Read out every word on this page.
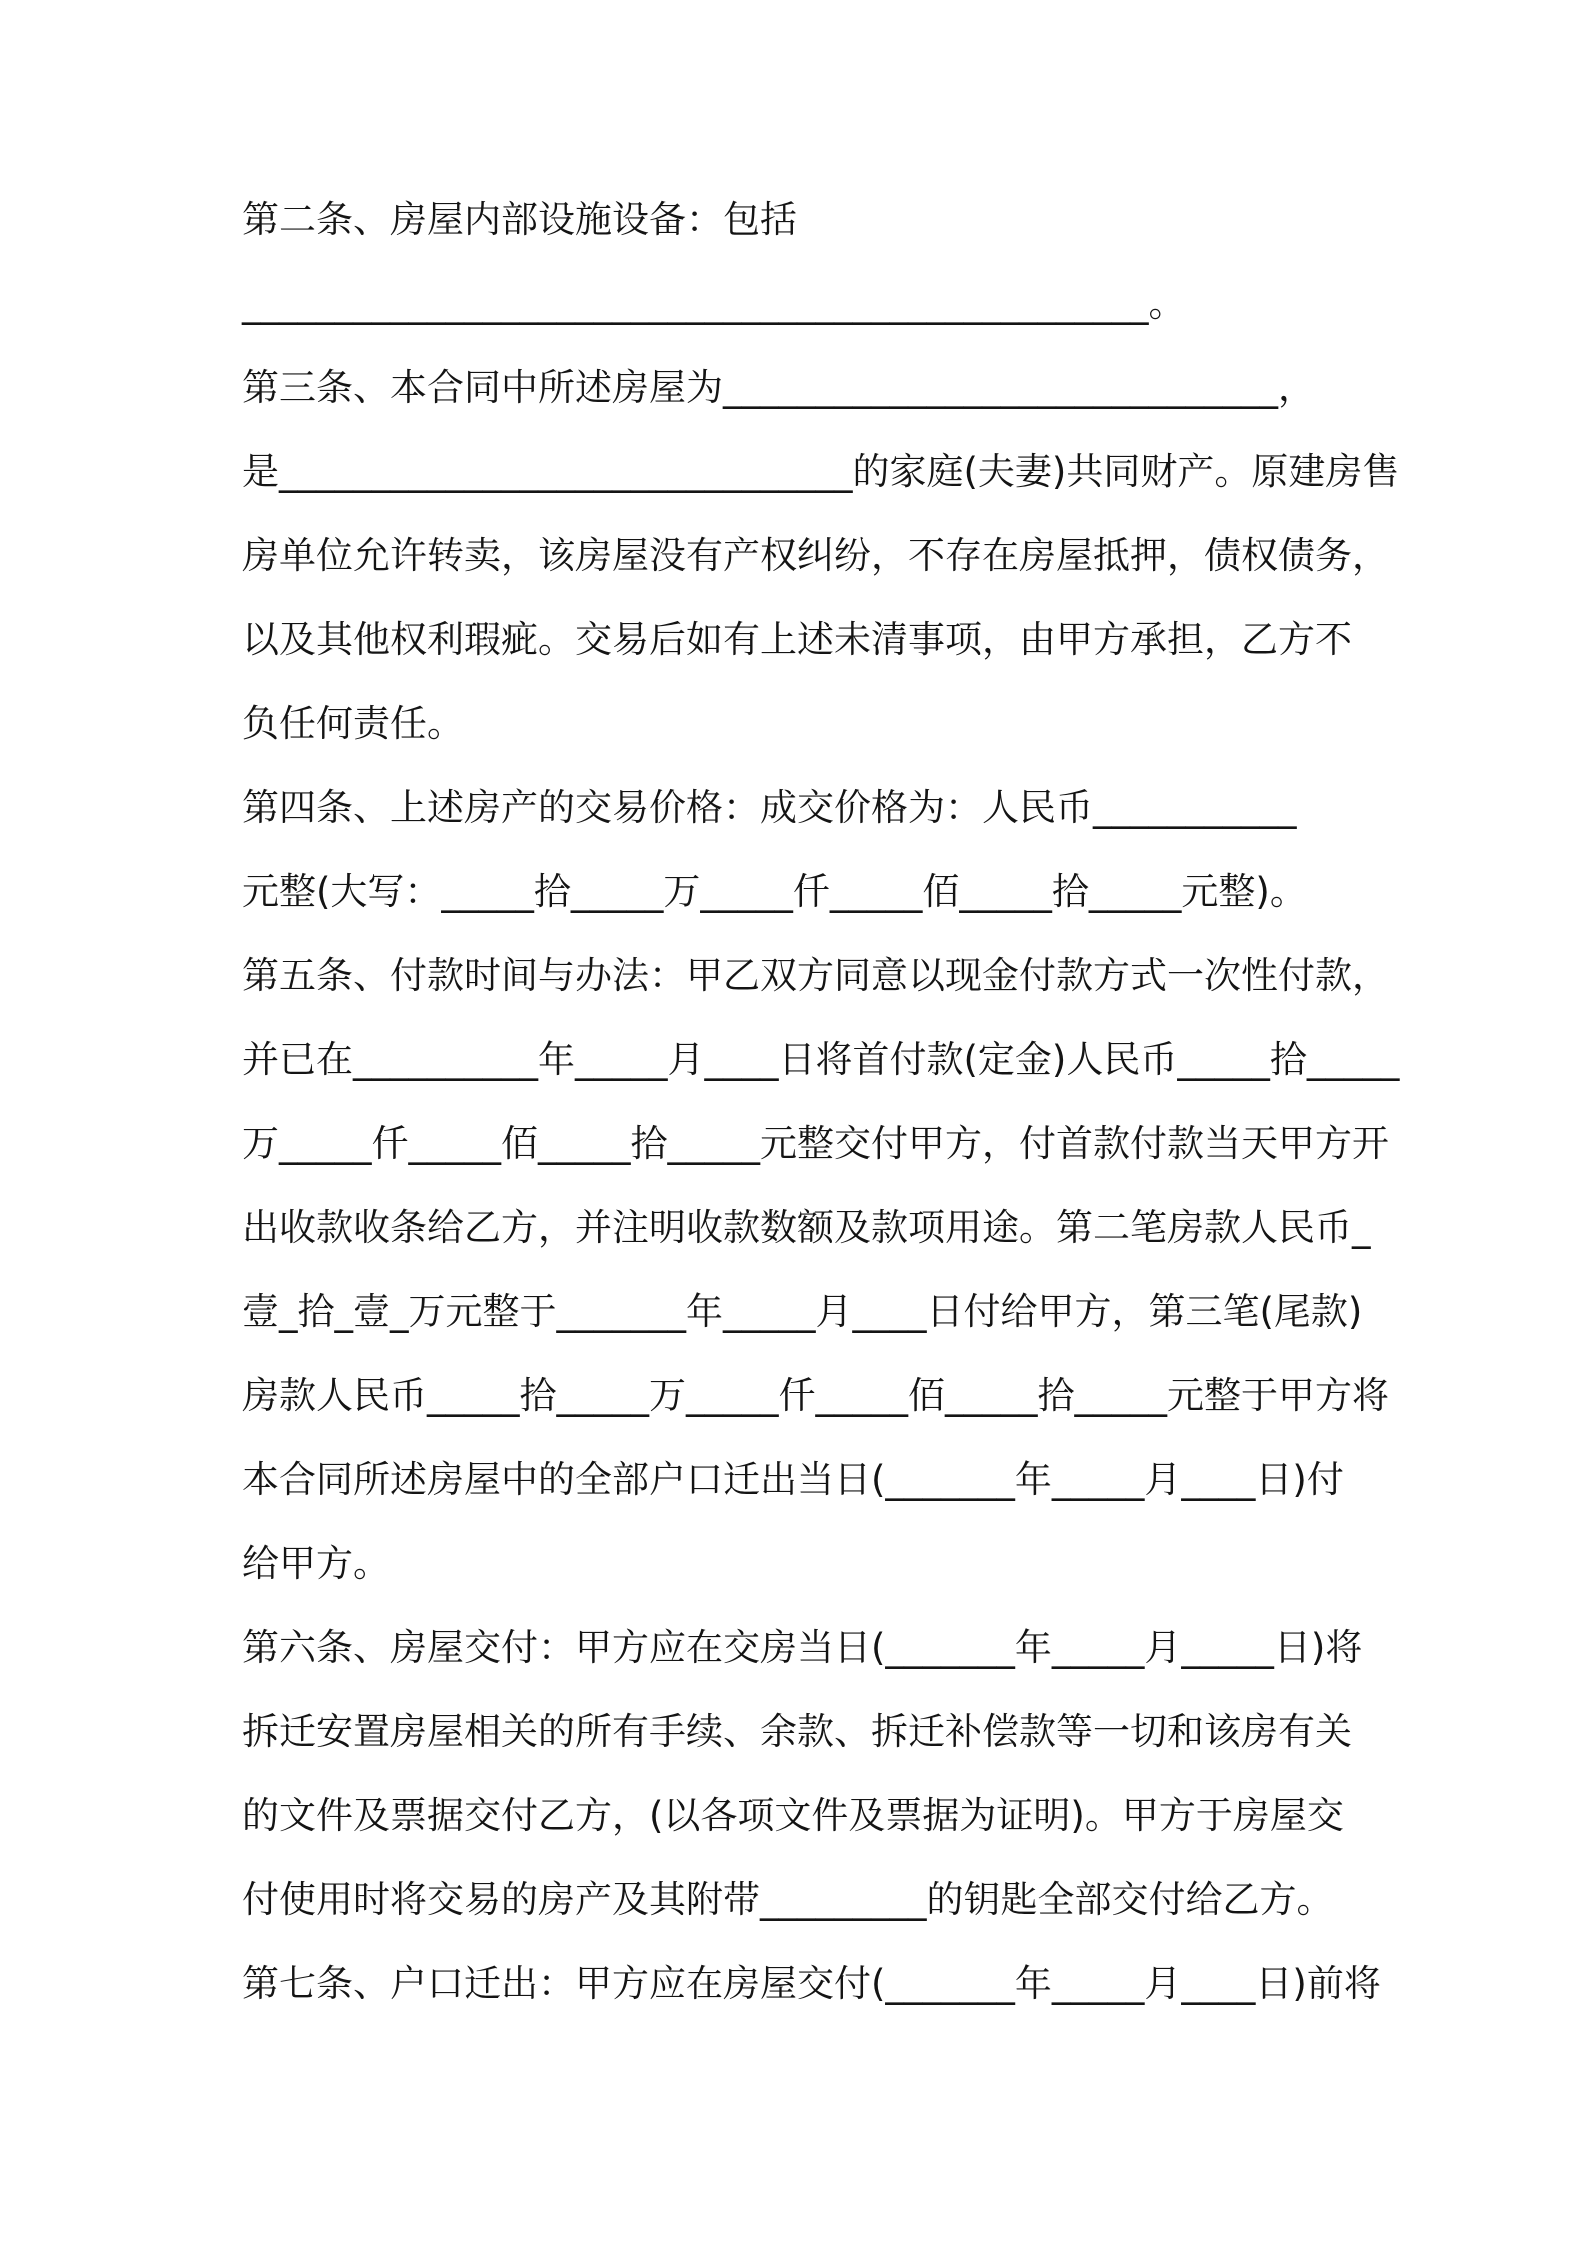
第二条、房屋内部设施设备：包括
_________________________________________________。
第三条、本合同中所述房屋为______________________________，
是_______________________________的家庭(夫妻)共同财产。原建房售
房单位允许转卖，该房屋没有产权纠纷，不存在房屋抵押，债权债务，
以及其他权利瑕疵。交易后如有上述未清事项，由甲方承担，乙方不
负任何责任。
第四条、上述房产的交易价格：成交价格为：人民币___________
元整(大写：_____拾_____万_____仟_____佰_____拾_____元整)。
第五条、付款时间与办法：甲乙双方同意以现金付款方式一次性付款，
并已在__________年_____月____日将首付款(定金)人民币_____拾_____
万_____仟_____佰_____拾_____元整交付甲方，付首款付款当天甲方开
出收款收条给乙方，并注明收款数额及款项用途。第二笔房款人民币_
壹_拾_壹_万元整于_______年_____月____日付给甲方，第三笔(尾款)
房款人民币_____拾_____万_____仟_____佰_____拾_____元整于甲方将
本合同所述房屋中的全部户口迁出当日(_______年_____月____日)付
给甲方。
第六条、房屋交付：甲方应在交房当日(_______年_____月_____日)将
拆迁安置房屋相关的所有手续、余款、拆迁补偿款等一切和该房有关
的文件及票据交付乙方，(以各项文件及票据为证明)。甲方于房屋交
付使用时将交易的房产及其附带_________的钥匙全部交付给乙方。
第七条、户口迁出：甲方应在房屋交付(_______年_____月____日)前将
